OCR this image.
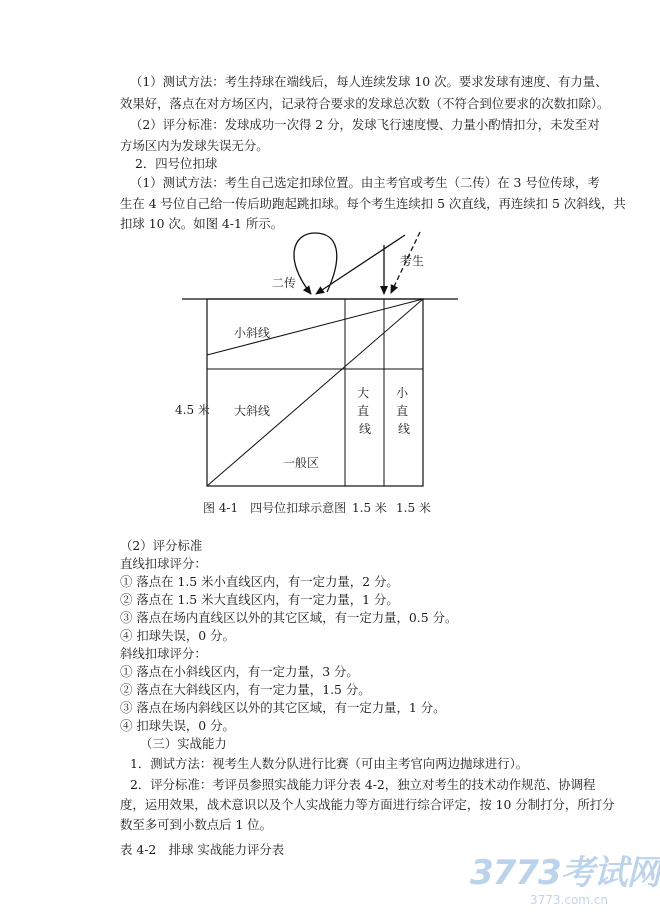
（1）测试方法：考生持球在端线后，每人连续发球 10 次。要求发球有速度、有力量、
效果好，落点在对方场区内，记录符合要求的发球总次数（不符合到位要求的次数扣除）。
（2）评分标准：发球成功一次得 2 分，发球飞行速度慢、力量小酌情扣分，未发至对
方场区内为发球失误无分。
2．四号位扣球
（1）测试方法：考生自己选定扣球位置。由主考官或考生（二传）在 3 号位传球，考
生在 4 号位自己给一传后助跑起跳扣球。每个考生连续扣 5 次直线，再连续扣 5 次斜线，共
扣球 10 次。如图 4-1 所示。
二传
考生
小斜线
大斜线
一般区
4.5 米
大 直 线
小 直 线
图 4-1　四号位扣球示意图 1.5 米 1.5 米
（2）评分标准
直线扣球评分：
① 落点在 1.5 米小直线区内，有一定力量，2 分。
② 落点在 1.5 米大直线区内，有一定力量，1 分。
③ 落点在场内直线区以外的其它区域，有一定力量，0.5 分。
④ 扣球失误，0 分。
斜线扣球评分：
① 落点在小斜线区内，有一定力量，3 分。
② 落点在大斜线区内，有一定力量，1.5 分。
③ 落点在场内斜线区以外的其它区域，有一定力量，1 分。
④ 扣球失误，0 分。
（三）实战能力
1．测试方法：视考生人数分队进行比赛（可由主考官向两边抛球进行）。
2．评分标准：考评员参照实战能力评分表 4-2，独立对考生的技术动作规范、协调程
度，运用效果，战术意识以及个人实战能力等方面进行综合评定，按 10 分制打分，所打分
数至多可到小数点后 1 位。
表 4-2　排球 实战能力评分表
3773考试网
3773.com.cn
